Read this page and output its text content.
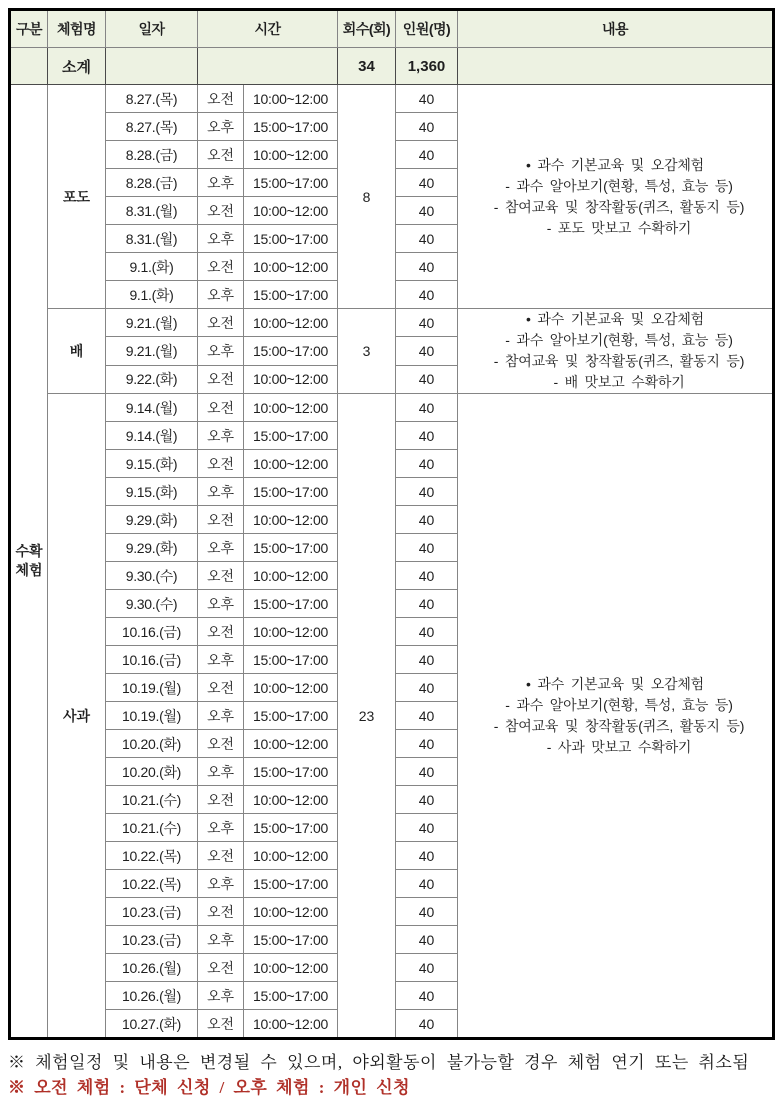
구분	체험명	일자	시간		회수(회)	인원(명)	내용
	소계				34	1,360	

수확
체험
	포도	8.27.(목)	오전	10:00~12:00	8	40	
• 과수 기본교육 및 오감체험
- 과수 알아보기(현황, 특성, 효능 등)
- 참여교육 및 창작활동(퀴즈, 활동지 등)
- 포도 맛보고 수확하기

		8.27.(목)	오후	15:00~17:00		40	
		8.28.(금)	오전	10:00~12:00		40	
		8.28.(금)	오후	15:00~17:00		40	
		8.31.(월)	오전	10:00~12:00		40	
		8.31.(월)	오후	15:00~17:00		40	
		9.1.(화)	오전	10:00~12:00		40	
		9.1.(화)	오후	15:00~17:00		40	
	배	9.21.(월)	오전	10:00~12:00	3	40	• 과수 기본교육 및 오감체험
- 과수 알아보기(현황, 특성, 효능 등)
- 참여교육 및 창작활동(퀴즈, 활동지 등)
- 배 맛보고 수확하기

		9.21.(월)	오후	15:00~17:00		40	
		9.22.(화)	오전	10:00~12:00		40	
	사과	9.14.(월)	오전	10:00~12:00	23	40	• 과수 기본교육 및 오감체험
- 과수 알아보기(현황, 특성, 효능 등)
- 참여교육 및 창작활동(퀴즈, 활동지 등)
- 사과 맛보고 수확하기

		9.14.(월)	오후	15:00~17:00		40	
		9.15.(화)	오전	10:00~12:00		40	
		9.15.(화)	오후	15:00~17:00		40	
		9.29.(화)	오전	10:00~12:00		40	
		9.29.(화)	오후	15:00~17:00		40	
		9.30.(수)	오전	10:00~12:00		40	
		9.30.(수)	오후	15:00~17:00		40	
		10.16.(금)	오전	10:00~12:00		40	
		10.16.(금)	오후	15:00~17:00		40	
		10.19.(월)	오전	10:00~12:00		40	
		10.19.(월)	오후	15:00~17:00		40	
		10.20.(화)	오전	10:00~12:00		40	
		10.20.(화)	오후	15:00~17:00		40	
		10.21.(수)	오전	10:00~12:00		40	
		10.21.(수)	오후	15:00~17:00		40	
		10.22.(목)	오전	10:00~12:00		40	
		10.22.(목)	오후	15:00~17:00		40	
		10.23.(금)	오전	10:00~12:00		40	
		10.23.(금)	오후	15:00~17:00		40	
		10.26.(월)	오전	10:00~12:00		40	
		10.26.(월)	오후	15:00~17:00		40	
		10.27.(화)	오전	10:00~12:00		40	
※ 체험일정 및 내용은 변경될 수 있으며, 야외활동이 불가능할 경우 체험 연기 또는 취소됨
※ 오전 체험 : 단체 신청 / 오후 체험 : 개인 신청
